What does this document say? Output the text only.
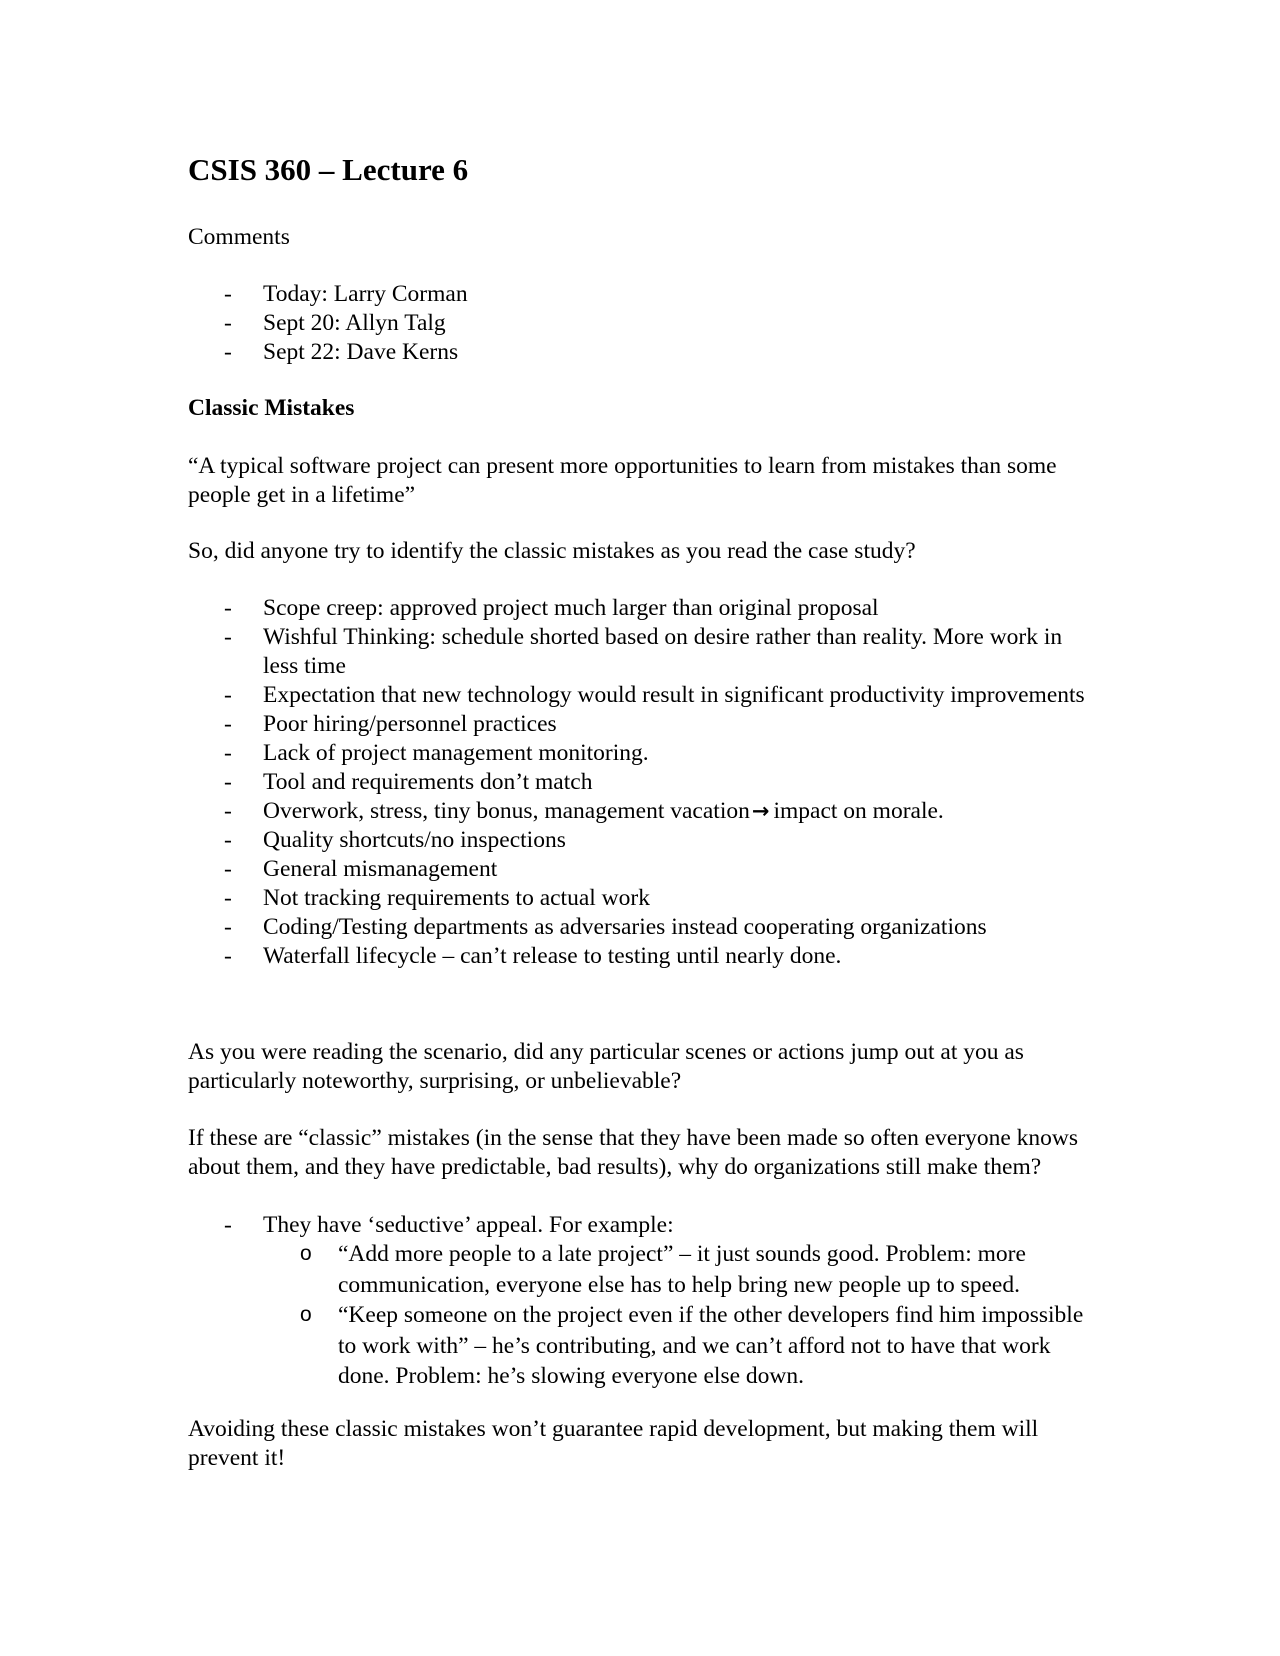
CSIS 360 – Lecture 6

Comments

- Today: Larry Corman
- Sept 20: Allyn Talg
- Sept 22: Dave Kerns

Classic Mistakes

“A typical software project can present more opportunities to learn from mistakes than some people get in a lifetime”

So, did anyone try to identify the classic mistakes as you read the case study?

- Scope creep: approved project much larger than original proposal
- Wishful Thinking: schedule shorted based on desire rather than reality. More work in less time
- Expectation that new technology would result in significant productivity improvements
- Poor hiring/personnel practices
- Lack of project management monitoring.
- Tool and requirements don’t match
- Overwork, stress, tiny bonus, management vacation→ impact on morale.
- Quality shortcuts/no inspections
- General mismanagement
- Not tracking requirements to actual work
- Coding/Testing departments as adversaries instead cooperating organizations
- Waterfall lifecycle – can’t release to testing until nearly done.

As you were reading the scenario, did any particular scenes or actions jump out at you as particularly noteworthy, surprising, or unbelievable?

If these are “classic” mistakes (in the sense that they have been made so often everyone knows about them, and they have predictable, bad results), why do organizations still make them?

- They have ‘seductive’ appeal. For example:
o “Add more people to a late project” – it just sounds good. Problem: more communication, everyone else has to help bring new people up to speed.
o “Keep someone on the project even if the other developers find him impossible to work with” – he’s contributing, and we can’t afford not to have that work done. Problem: he’s slowing everyone else down.

Avoiding these classic mistakes won’t guarantee rapid development, but making them will prevent it!
